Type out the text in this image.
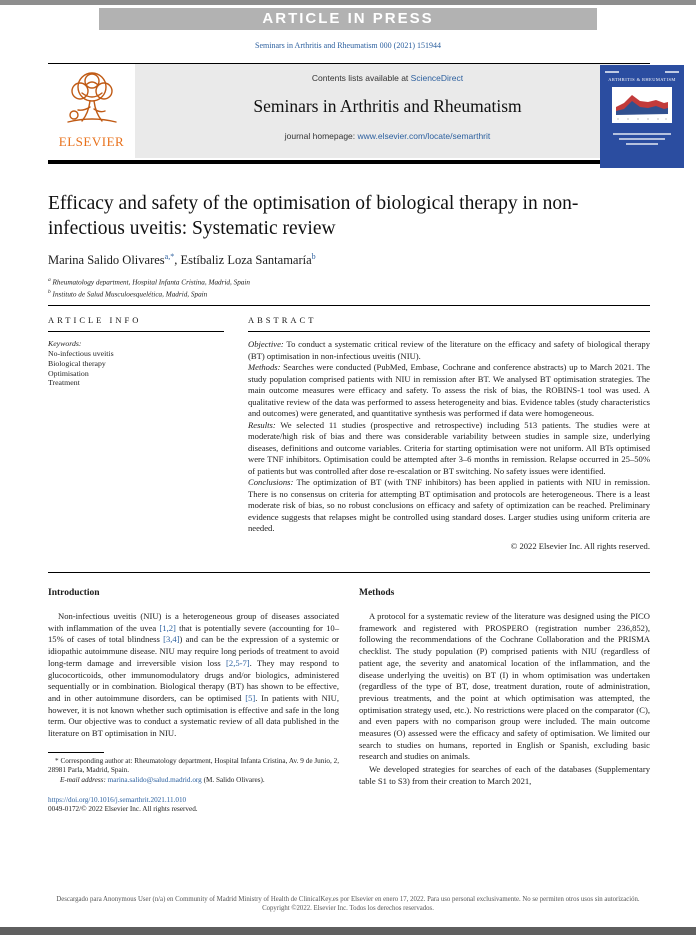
ARTICLE IN PRESS
Seminars in Arthritis and Rheumatism 000 (2021) 151944
ELSEVIER
Contents lists available at ScienceDirect
Seminars in Arthritis and Rheumatism
journal homepage: www.elsevier.com/locate/semarthrit
ARTHRITIS & RHEUMATISM
Efficacy and safety of the optimisation of biological therapy in non-infectious uveitis: Systematic review
Marina Salido Olivares$^{a,*}$, Estíbaliz Loza Santamaría$^b$
$^a$ Rheumatology department, Hospital Infanta Cristina, Madrid, Spain
$^b$ Instituto de Salud Musculoesquelética, Madrid, Spain
ARTICLE INFO
Keywords:
No-infectious uveitis
Biological therapy
Optimisation
Treatment
ABSTRACT

Objective: To conduct a systematic critical review of the literature on the efficacy and safety of biological therapy (BT) optimisation in non-infectious uveitis (NIU).

Methods: Searches were conducted (PubMed, Embase, Cochrane and conference abstracts) up to March 2021. The study population comprised patients with NIU in remission after BT. We analysed BT optimisation strategies. The main outcome measures were efficacy and safety. To assess the risk of bias, the ROBINS-1 tool was used. A qualitative review of the data was performed to assess heterogeneity and bias. Evidence tables (study characteristics and outcomes) were generated, and quantitative synthesis was performed if data were homogeneous.

Results: We selected 11 studies (prospective and retrospective) including 513 patients. The studies were at moderate/high risk of bias and there was considerable variability between studies in sample size, underlying diseases, definitions and outcome variables. Criteria for starting optimisation were not uniform. All BTs optimised were TNF inhibitors. Optimisation could be attempted after 3–6 months in remission. Relapse occurred in 25–50% of patients but was controlled after dose re-escalation or BT switching. No safety issues were identified.

Conclusions: The optimization of BT (with TNF inhibitors) has been applied in patients with NIU in remission. There is no consensus on criteria for attempting BT optimisation and protocols are heterogeneous. There is a least moderate risk of bias, so no robust conclusions on efficacy and safety of optimization can be reached. Preliminary evidence suggests that relapses might be controlled using standard doses. Larger studies using uniform criteria are needed.

© 2022 Elsevier Inc. All rights reserved.
Introduction

Non-infectious uveitis (NIU) is a heterogeneous group of diseases associated with inflammation of the uvea [1,2] that is potentially severe (accounting for 10–15% of cases of total blindness [3,4]) and can be the expression of a systemic or idiopathic autoimmune disease. NIU may require long periods of treatment to avoid long-term damage and irreversible vision loss [2,5-7]. They may respond to glucocorticoids, other immunomodulatory drugs and/or biologics, administered sequentially or in combination. Biological therapy (BT) has shown to be effective, and in other autoimmune disorders, can be optimised [5]. In patients with NIU, however, it is not known whether such optimisation is effective and safe in the long term. Our objective was to conduct a systematic review of all data published in the literature on BT optimisation in NIU.

* Corresponding author at: Rheumatology department, Hospital Infanta Cristina, Av. 9 de Junio, 2, 28981 Parla, Madrid, Spain.

E-mail address: marina.salido@salud.madrid.org (M. Salido Olivares).

https://doi.org/10.1016/j.semarthrit.2021.11.010
0049-0172/© 2022 Elsevier Inc. All rights reserved.
Methods

A protocol for a systematic review of the literature was designed using the PICO framework and registered with PROSPERO (registration number 236,852), following the recommendations of the Cochrane Collaboration and the PRISMA checklist. The study population (P) comprised patients with NIU (regardless of patient age, the severity and anatomical location of the inflammation, and the disease underlying the uveitis) on BT (I) in whom optimisation was undertaken (regardless of the type of BT, dose, treatment duration, route of administration, previous treatments, and the point at which optimisation was attempted, the optimisation strategy used, etc.). No restrictions were placed on the comparator (C), and even papers with no comparison group were included. The main outcome measures (O) assessed were the efficacy and safety of optimisation. We limited our search to studies on humans, reported in English or Spanish, excluding basic research and studies on animals.

We developed strategies for searches of each of the databases (Supplementary table S1 to S3) from their creation to March 2021,

Descargado para Anonymous User (n/a) en Community of Madrid Ministry of Health de ClinicalKey.es por Elsevier en enero 17, 2022. Para uso personal exclusivamente. No se permiten otros usos sin autorización. Copyright ©2022. Elsevier Inc. Todos los derechos reservados.
